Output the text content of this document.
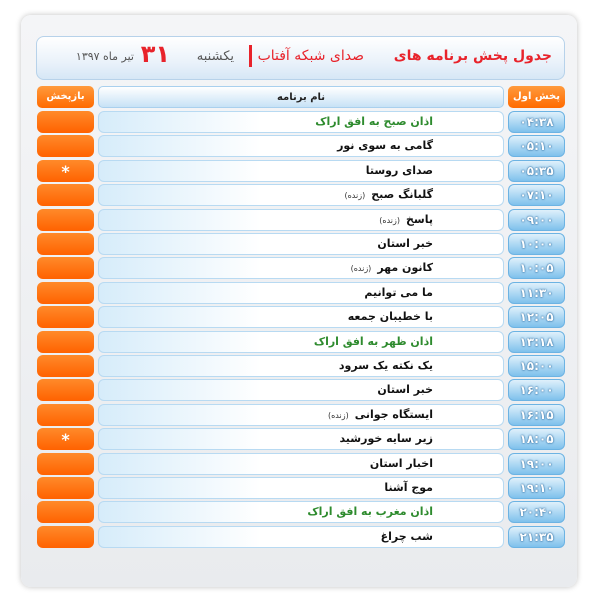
جدول پخش برنامه های
صدای شبکه آفتاب
یکشنبه
۳۱
تیر ماه ۱۳۹۷
پخش اول
نام برنامه
بازپخش
۰۴:۳۸
اذان صبح به افق اراک
۰۵:۱۰
گامی به سوی نور
۰۵:۳۵
صدای روستا
*
۰۷:۱۰
گلبانگ صبح(زنده)
۰۹:۰۰
پاسخ(زنده)
۱۰:۰۰
خبر استان
۱۰:۰۵
کانون مهر(زنده)
۱۱:۳۰
ما می توانیم
۱۲:۰۵
با خطیبان جمعه
۱۳:۱۸
اذان ظهر به افق اراک
۱۵:۰۰
یک نکته یک سرود
۱۶:۰۰
خبر استان
۱۶:۱۵
ایستگاه جوانی(زنده)
۱۸:۰۵
زیر سایه خورشید
*
۱۹:۰۰
اخبار استان
۱۹:۱۰
موج آشنا
۲۰:۴۰
اذان مغرب به افق اراک
۲۱:۳۵
شب چراغ
